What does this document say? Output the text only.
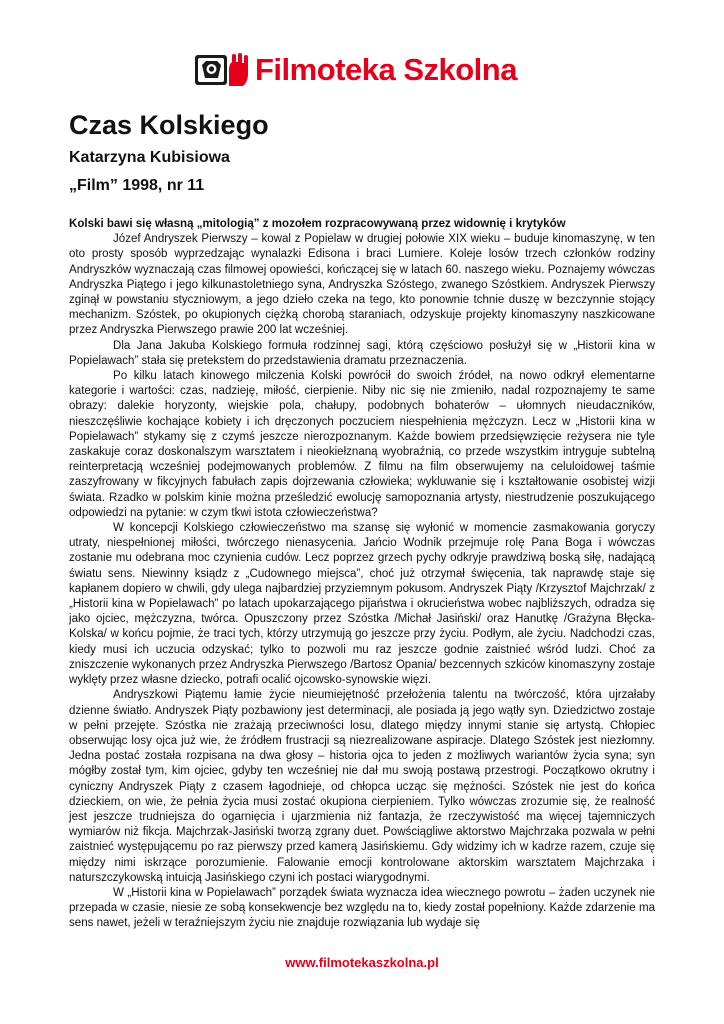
Filmoteka Szkolna
Czas Kolskiego

Katarzyna Kubisiowa

„Film” 1998, nr 11

Kolski bawi się własną „mitologią” z mozołem rozpracowywaną przez widownię i krytyków

Józef Andryszek Pierwszy – kowal z Popielaw w drugiej połowie XIX wieku – buduje kinomaszynę, w ten oto prosty sposób wyprzedzając wynalazki Edisona i braci Lumiere. Koleje losów trzech członków rodziny Andryszków wyznaczają czas filmowej opowieści, kończącej się w latach 60. naszego wieku. Poznajemy wówczas Andryszka Piątego i jego kilkunastoletniego syna, Andryszka Szóstego, zwanego Szóstkiem. Andryszek Pierwszy zginął w powstaniu styczniowym, a jego dzieło czeka na tego, kto ponownie tchnie duszę w bezczynnie stojący mechanizm. Szóstek, po okupionych ciężką chorobą staraniach, odzyskuje projekty kinomaszyny naszkicowane przez Andryszka Pierwszego prawie 200 lat wcześniej.

Dla Jana Jakuba Kolskiego formuła rodzinnej sagi, którą częściowo posłużył się w „Historii kina w Popielawach” stała się pretekstem do przedstawienia dramatu przeznaczenia.

Po kilku latach kinowego milczenia Kolski powrócił do swoich źródeł, na nowo odkrył elementarne kategorie i wartości: czas, nadzieję, miłość, cierpienie. Niby nic się nie zmieniło, nadal rozpoznajemy te same obrazy: dalekie horyzonty, wiejskie pola, chałupy, podobnych bohaterów – ułomnych nieudaczników, nieszczęśliwie kochające kobiety i ich dręczonych poczuciem niespełnienia mężczyzn. Lecz w „Historii kina w Popielawach” stykamy się z czymś jeszcze nierozpoznanym. Każde bowiem przedsięwzięcie reżysera nie tyle zaskakuje coraz doskonalszym warsztatem i nieokiełznaną wyobraźnią, co przede wszystkim intryguje subtelną reinterpretacją wcześniej podejmowanych problemów. Z filmu na film obserwujemy na celuloidowej taśmie zaszyfrowany w fikcyjnych fabułach zapis dojrzewania człowieka; wykluwanie się i kształtowanie osobistej wizji świata. Rzadko w polskim kinie można prześledzić ewolucję samopoznania artysty, niestrudzenie poszukującego odpowiedzi na pytanie: w czym tkwi istota człowieczeństwa?

W koncepcji Kolskiego człowieczeństwo ma szansę się wyłonić w momencie zasmakowania goryczy utraty, niespełnionej miłości, twórczego nienasycenia. Jańcio Wodnik przejmuje rolę Pana Boga i wówczas zostanie mu odebrana moc czynienia cudów. Lecz poprzez grzech pychy odkryje prawdziwą boską siłę, nadającą światu sens. Niewinny ksiądz z „Cudownego miejsca”, choć już otrzymał święcenia, tak naprawdę staje się kapłanem dopiero w chwili, gdy ulega najbardziej przyziemnym pokusom. Andryszek Piąty /Krzysztof Majchrzak/ z „Historii kina w Popielawach” po latach upokarzającego pijaństwa i okrucieństwa wobec najbliższych, odradza się jako ojciec, mężczyzna, twórca. Opuszczony przez Szóstka /Michał Jasiński/ oraz Hanutkę /Grażyna Błęcka-Kolska/ w końcu pojmie, że traci tych, którzy utrzymują go jeszcze przy życiu. Podłym, ale życiu. Nadchodzi czas, kiedy musi ich uczucia odzyskać; tylko to pozwoli mu raz jeszcze godnie zaistnieć wśród ludzi. Choć za zniszczenie wykonanych przez Andryszka Pierwszego /Bartosz Opania/ bezcennych szkiców kinomaszyny zostaje wyklęty przez własne dziecko, potrafi ocalić ojcowsko-synowskie więzi.

Andryszkowi Piątemu łamie życie nieumiejętność przełożenia talentu na twórczość, która ujrzałaby dzienne światło. Andryszek Piąty pozbawiony jest determinacji, ale posiada ją jego wątły syn. Dziedzictwo zostaje w pełni przejęte. Szóstka nie zrażają przeciwności losu, dlatego między innymi stanie się artystą. Chłopiec obserwując losy ojca już wie, że źródłem frustracji są niezrealizowane aspiracje. Dlatego Szóstek jest niezłomny. Jedna postać została rozpisana na dwa głosy – historia ojca to jeden z możliwych wariantów życia syna; syn mógłby został tym, kim ojciec, gdyby ten wcześniej nie dał mu swoją postawą przestrogi. Początkowo okrutny i cyniczny Andryszek Piąty z czasem łagodnieje, od chłopca ucząc się mężności. Szóstek nie jest do końca dzieckiem, on wie, że pełnia życia musi zostać okupiona cierpieniem. Tylko wówczas zrozumie się, że realność jest jeszcze trudniejsza do ogarnięcia i ujarzmienia niż fantazja, że rzeczywistość ma więcej tajemniczych wymiarów niż fikcja. Majchrzak-Jasiński tworzą zgrany duet. Powściągliwe aktorstwo Majchrzaka pozwala w pełni zaistnieć występującemu po raz pierwszy przed kamerą Jasińskiemu. Gdy widzimy ich w kadrze razem, czuje się między nimi iskrzące porozumienie. Falowanie emocji kontrolowane aktorskim warsztatem Majchrzaka i naturszczykowską intuicją Jasińskiego czyni ich postaci wiarygodnymi.

W „Historii kina w Popielawach” porządek świata wyznacza idea wiecznego powrotu – żaden uczynek nie przepada w czasie, niesie ze sobą konsekwencje bez względu na to, kiedy został popełniony. Każde zdarzenie ma sens nawet, jeżeli w teraźniejszym życiu nie znajduje rozwiązania lub wydaje się

www.filmotekaszkolna.pl
